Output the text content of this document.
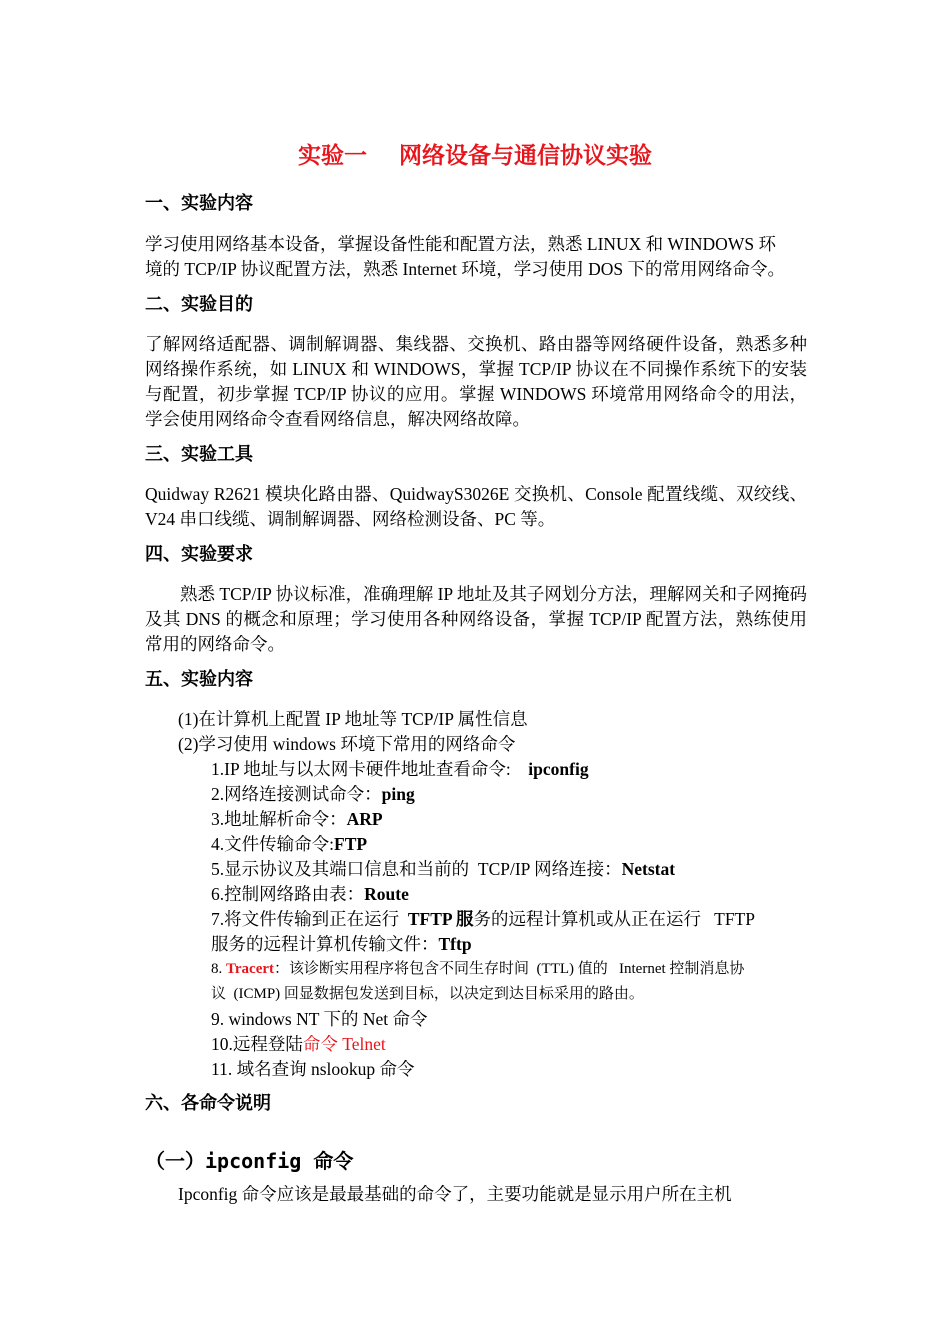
实验一    网络设备与通信协议实验
一、实验内容
学习使用网络基本设备，掌握设备性能和配置方法，熟悉 LINUX 和 WINDOWS 环
境的 TCP/IP 协议配置方法，熟悉 Internet 环境，学习使用 DOS 下的常用网络命令。
二、实验目的
了解网络适配器、调制解调器、集线器、交换机、路由器等网络硬件设备，熟悉多种网络操作系统，如 LINUX 和 WINDOWS，掌握 TCP/IP 协议在不同操作系统下的安装与配置，初步掌握 TCP/IP 协议的应用。掌握 WINDOWS 环境常用网络命令的用法，学会使用网络命令查看网络信息，解决网络故障。
三、实验工具
Quidway R2621 模块化路由器、QuidwayS3026E 交换机、Console 配置线缆、双绞线、V24 串口线缆、调制解调器、网络检测设备、PC 等。
四、实验要求
熟悉 TCP/IP 协议标准，准确理解 IP 地址及其子网划分方法，理解网关和子网掩码及其 DNS 的概念和原理；学习使用各种网络设备，掌握 TCP/IP 配置方法，熟练使用常用的网络命令。
五、实验内容
(1)在计算机上配置 IP 地址等 TCP/IP 属性信息
(2)学习使用 windows 环境下常用的网络命令
1.IP 地址与以太网卡硬件地址查看命令:    ipconfig
2.网络连接测试命令：ping
3.地址解析命令：ARP
4.文件传输命令:FTP
5.显示协议及其端口信息和当前的  TCP/IP 网络连接：Netstat
6.控制网络路由表：Route
7.将文件传输到正在运行  TFTP 服务的远程计算机或从正在运行   TFTP
服务的远程计算机传输文件：Tftp
8. Tracert：该诊断实用程序将包含不同生存时间  (TTL) 值的   Internet 控制消息协
议  (ICMP) 回显数据包发送到目标，以决定到达目标采用的路由。
9. windows NT 下的 Net 命令
10.远程登陆命令 Telnet
11. 域名查询 nslookup 命令
六、各命令说明
（一）ipconfig 命令
Ipconfig 命令应该是最最基础的命令了，主要功能就是显示用户所在主机
